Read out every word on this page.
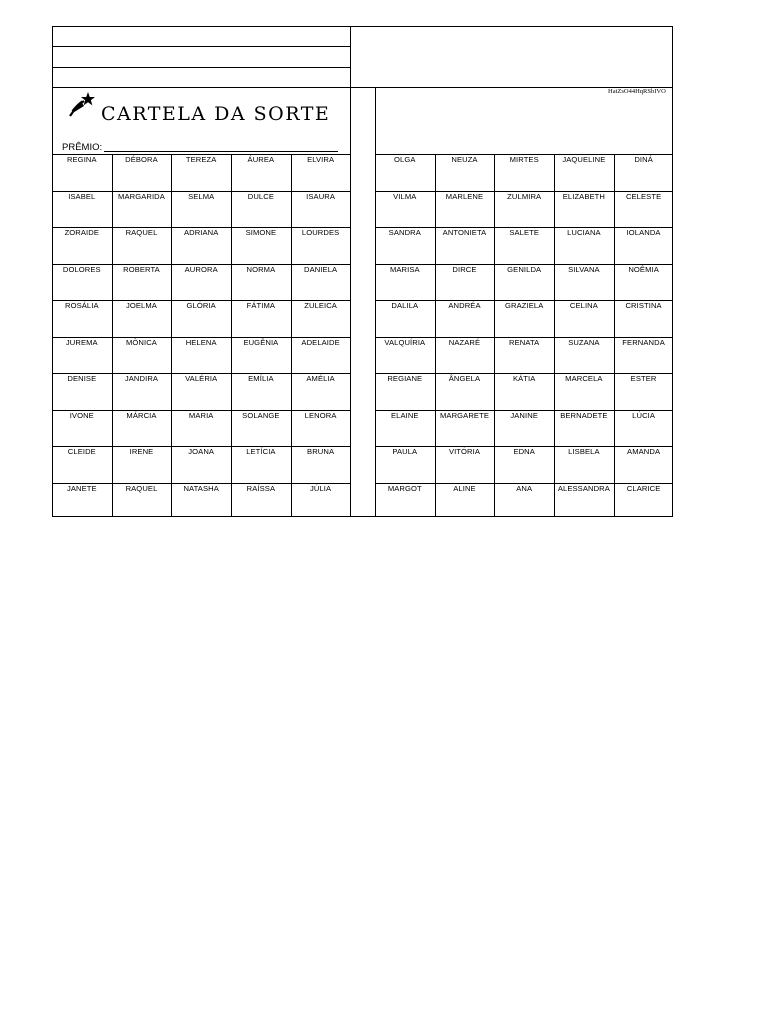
CARTELA DA SORTE
PRÊMIO:
HatZsO44HqRSbIVO
REGINA	DÉBORA	TEREZA	ÁUREA	ELVIRA
ISABEL	MARGARIDA	SELMA	DULCE	ISAURA
ZORAIDE	RAQUEL	ADRIANA	SIMONE	LOURDES
DOLORES	ROBERTA	AURORA	NORMA	DANIELA
ROSÁLIA	JOELMA	GLÓRIA	FÁTIMA	ZULEICA
JUREMA	MÔNICA	HELENA	EUGÊNIA	ADELAIDE
DENISE	JANDIRA	VALÉRIA	EMÍLIA	AMÉLIA
IVONE	MÁRCIA	MARIA	SOLANGE	LENORA
CLEIDE	IRENE	JOANA	LETÍCIA	BRUNA
JANETE	RAQUEL	NATASHA	RAÍSSA	JÚLIA
OLGA	NEUZA	MIRTES	JAQUELINE	DINÁ
VILMA	MARLENE	ZULMIRA	ELIZABETH	CELESTE
SANDRA	ANTONIETA	SALETE	LUCIANA	IOLANDA
MARISA	DIRCE	GENILDA	SILVANA	NOÊMIA
DALILA	ANDRÉA	GRAZIELA	CELINA	CRISTINA
VALQUÍRIA	NAZARÉ	RENATA	SUZANA	FERNANDA
REGIANE	ÂNGELA	KÁTIA	MARCELA	ESTER
ELAINE	MARGARETE	JANINE	BERNADETE	LÚCIA
PAULA	VITÓRIA	EDNA	LISBELA	AMANDA
MARGOT	ALINE	ANA	ALESSANDRA	CLARICE
